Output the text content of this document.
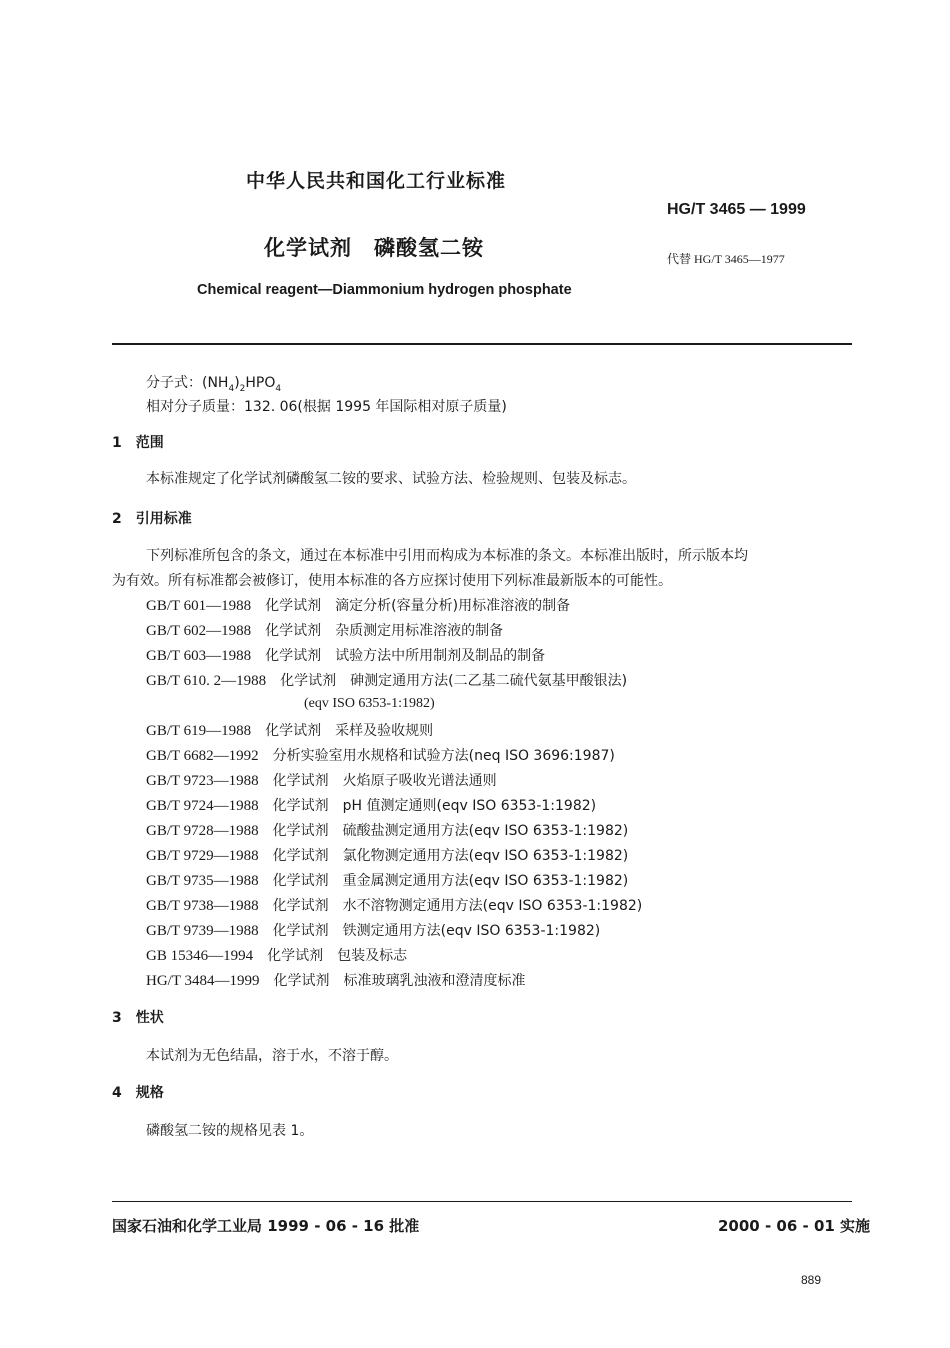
中华人民共和国化工行业标准
HG/T 3465 — 1999
化学试剂　磷酸氢二铵	代替 HG/T 3465—1977
Chemical reagent—Diammonium hydrogen phosphate
分子式：$(NH_4)_2HPO_4$
相对分子质量：132. 06(根据 1995 年国际相对原子质量)
1　范围
本标准规定了化学试剂磷酸氢二铵的要求、试验方法、检验规则、包装及标志。
2　引用标准
下列标准所包含的条文，通过在本标准中引用而构成为本标准的条文。本标准出版时，所示版本均
为有效。所有标准都会被修订，使用本标准的各方应探讨使用下列标准最新版本的可能性。
GB/T 601—1988 化学试剂 滴定分析(容量分析)用标准溶液的制备
GB/T 602—1988 化学试剂 杂质测定用标准溶液的制备
GB/T 603—1988 化学试剂 试验方法中所用制剂及制品的制备
GB/T 610. 2—1988 化学试剂 砷测定通用方法(二乙基二硫代氨基甲酸银法)
(eqv ISO 6353-1:1982)
GB/T 619—1988 化学试剂 采样及验收规则
GB/T 6682—1992 分析实验室用水规格和试验方法(neq ISO 3696:1987)
GB/T 9723—1988 化学试剂 火焰原子吸收光谱法通则
GB/T 9724—1988 化学试剂 pH 值测定通则(eqv ISO 6353-1:1982)
GB/T 9728—1988 化学试剂 硫酸盐测定通用方法(eqv ISO 6353-1:1982)
GB/T 9729—1988 化学试剂 氯化物测定通用方法(eqv ISO 6353-1:1982)
GB/T 9735—1988 化学试剂 重金属测定通用方法(eqv ISO 6353-1:1982)
GB/T 9738—1988 化学试剂 水不溶物测定通用方法(eqv ISO 6353-1:1982)
GB/T 9739—1988 化学试剂 铁测定通用方法(eqv ISO 6353-1:1982)
GB 15346—1994 化学试剂 包装及标志
HG/T 3484—1999 化学试剂 标准玻璃乳浊液和澄清度标准
3　性状
本试剂为无色结晶，溶于水，不溶于醇。
4　规格
磷酸氢二铵的规格见表 1。
国家石油和化学工业局 1999 - 06 - 16 批准	2000 - 06 - 01 实施
889
